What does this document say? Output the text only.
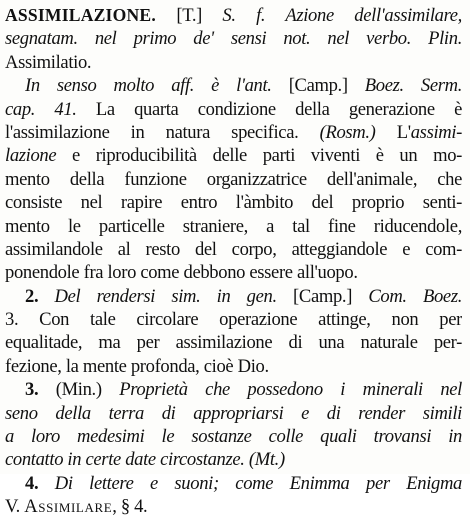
ASSIMILAZIONE. [T.] S. f. Azione dell'assimilare,
segnatam. nel primo de' sensi not. nel verbo. Plin.
Assimilatio.
In senso molto aff. è l'ant. [Camp.] Boez. Serm.
cap. 41. La quarta condizione della generazione è
l'assimilazione in natura specifica. (Rosm.) L'assimi-
lazione e riproducibilità delle parti viventi è un mo-
mento della funzione organizzatrice dell'animale, che
consiste nel rapire entro l'àmbito del proprio senti-
mento le particelle straniere, a tal fine riducendole,
assimilandole al resto del corpo, atteggiandole e com-
ponendole fra loro come debbono essere all'uopo.
2. Del rendersi sim. in gen. [Camp.] Com. Boez.
3. Con tale circolare operazione attinge, non per
equalitade, ma per assimilazione di una naturale per-
fezione, la mente profonda, cioè Dio.
3. (Min.) Proprietà che possedono i minerali nel
seno della terra di appropriarsi e di render simili
a loro medesimi le sostanze colle quali trovansi in
contatto in certe date circostanze. (Mt.)
4. Di lettere e suoni; come Enimma per Enigma
V. Assimilare, § 4.
